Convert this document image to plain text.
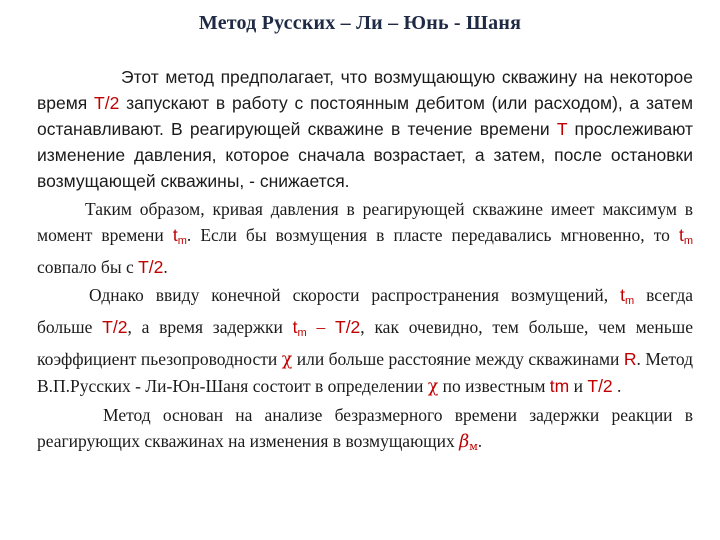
Метод Русских – Ли – Юнь - Шаня

Этот метод предполагает, что возмущающую скважину на некоторое время T/2 запускают в работу с постоянным дебитом (или расходом), а затем останавливают. В реагирующей скважине в течение времени T прослеживают изменение давления, которое сначала возрастает, а затем, после остановки возмущающей скважины, - снижается.

Таким образом, кривая давления в реагирующей скважине имеет максимум в момент времени $t_m$. Если бы возмущения в пласте передавались мгновенно, то $t_m$ совпало бы с T/2.

Однако ввиду конечной скорости распространения возмущений, $t_m$ всегда больше T/2, а время задержки $t_m - T/2$, как очевидно, тем больше, чем меньше коэффициент пьезопроводности χ или больше расстояние между скважинами R. Метод В.П.Русских - Ли-Юн-Шаня состоит в определении χ по известным tm и T/2 .

Метод основан на анализе безразмерного времени задержки реакции в реагирующих скважинах на изменения в возмущающих $\beta_м$.
